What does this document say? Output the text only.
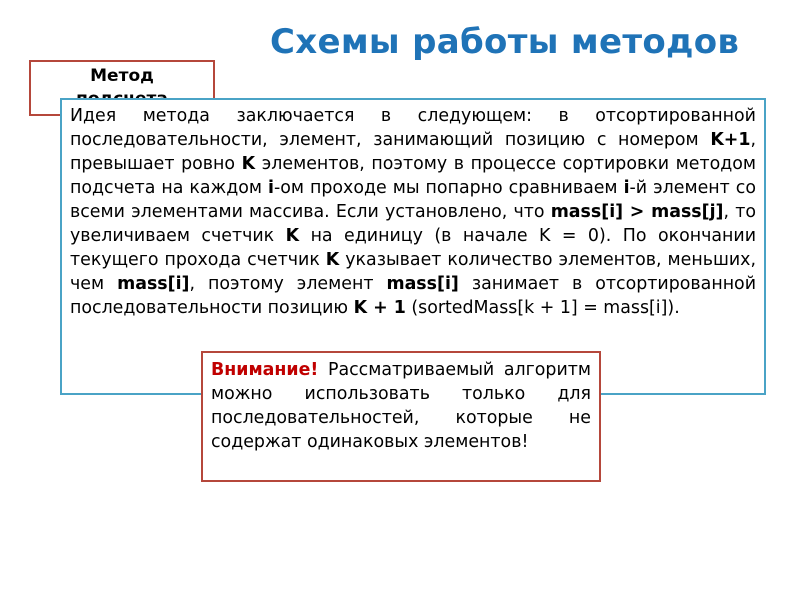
Схемы работы методов
Метод
Идея метода заключается в следующем: в отсортированной последовательности, элемент, занимающий позицию с номером K+1, превышает ровно K элементов, поэтому в процессе сортировки методом подсчета на каждом i-ом проходе мы попарно сравниваем i-й элемент со всеми элементами массива. Если установлено, что mass[i] > mass[j], то увеличиваем счетчик K на единицу (в начале K = 0). По окончании текущего прохода счетчик K указывает количество элементов, меньших, чем mass[i], поэтому элемент mass[i] занимает в отсортированной последовательности позицию K + 1 (sortedMass[k + 1] = mass[i]).
Внимание! Рассматриваемый алгоритм можно использовать только для последовательностей, которые не содержат одинаковых элементов!
